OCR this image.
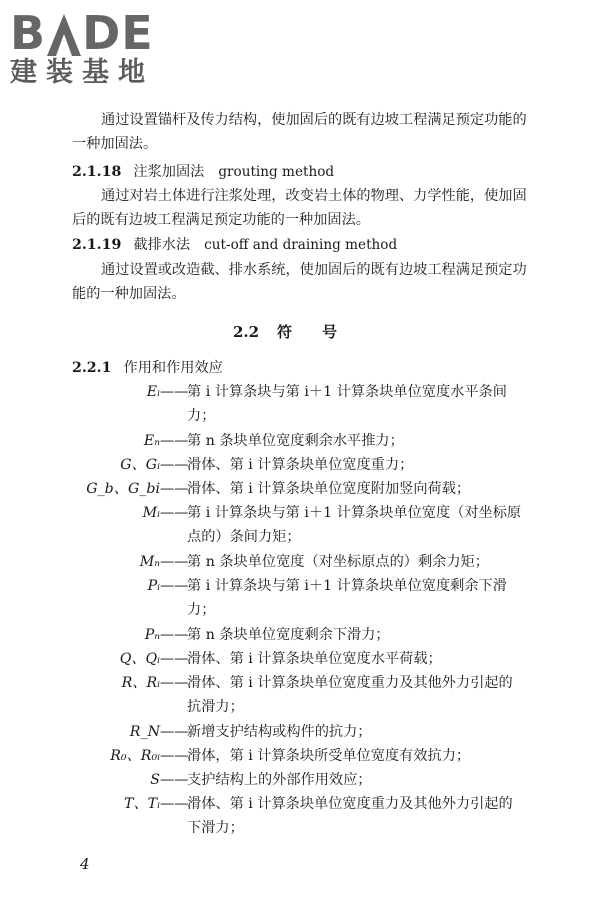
B DE
建装基地
通过设置锚杆及传力结构，使加固后的既有边坡工程满足预定功能的一种加固法。
2.1.18 注浆加固法 grouting method
通过对岩土体进行注浆处理，改变岩土体的物理、力学性能，使加固后的既有边坡工程满足预定功能的一种加固法。
2.1.19 截排水法 cut-off and draining method
通过设置或改造截、排水系统，使加固后的既有边坡工程满足预定功能的一种加固法。
2.2 符号
2.2.1 作用和作用效应
Eᵢ ——
第 i 计算条块与第 i＋1 计算条块单位宽度水平条间力；
Eₙ ——
第 n 条块单位宽度剩余水平推力；
G、Gᵢ ——
滑体、第 i 计算条块单位宽度重力；
G_b、G_bi ——
滑体、第 i 计算条块单位宽度附加竖向荷载；
Mᵢ ——
第 i 计算条块与第 i＋1 计算条块单位宽度（对坐标原点的）条间力矩；
Mₙ ——
第 n 条块单位宽度（对坐标原点的）剩余力矩；
Pᵢ ——
第 i 计算条块与第 i＋1 计算条块单位宽度剩余下滑力；
Pₙ ——
第 n 条块单位宽度剩余下滑力；
Q、Qᵢ ——
滑体、第 i 计算条块单位宽度水平荷载；
R、Rᵢ ——
滑体、第 i 计算条块单位宽度重力及其他外力引起的抗滑力；
R_N ——
新增支护结构或构件的抗力；
R₀、R₀ᵢ ——
滑体，第 i 计算条块所受单位宽度有效抗力；
S ——
支护结构上的外部作用效应；
T、Tᵢ ——
滑体、第 i 计算条块单位宽度重力及其他外力引起的下滑力；
4
